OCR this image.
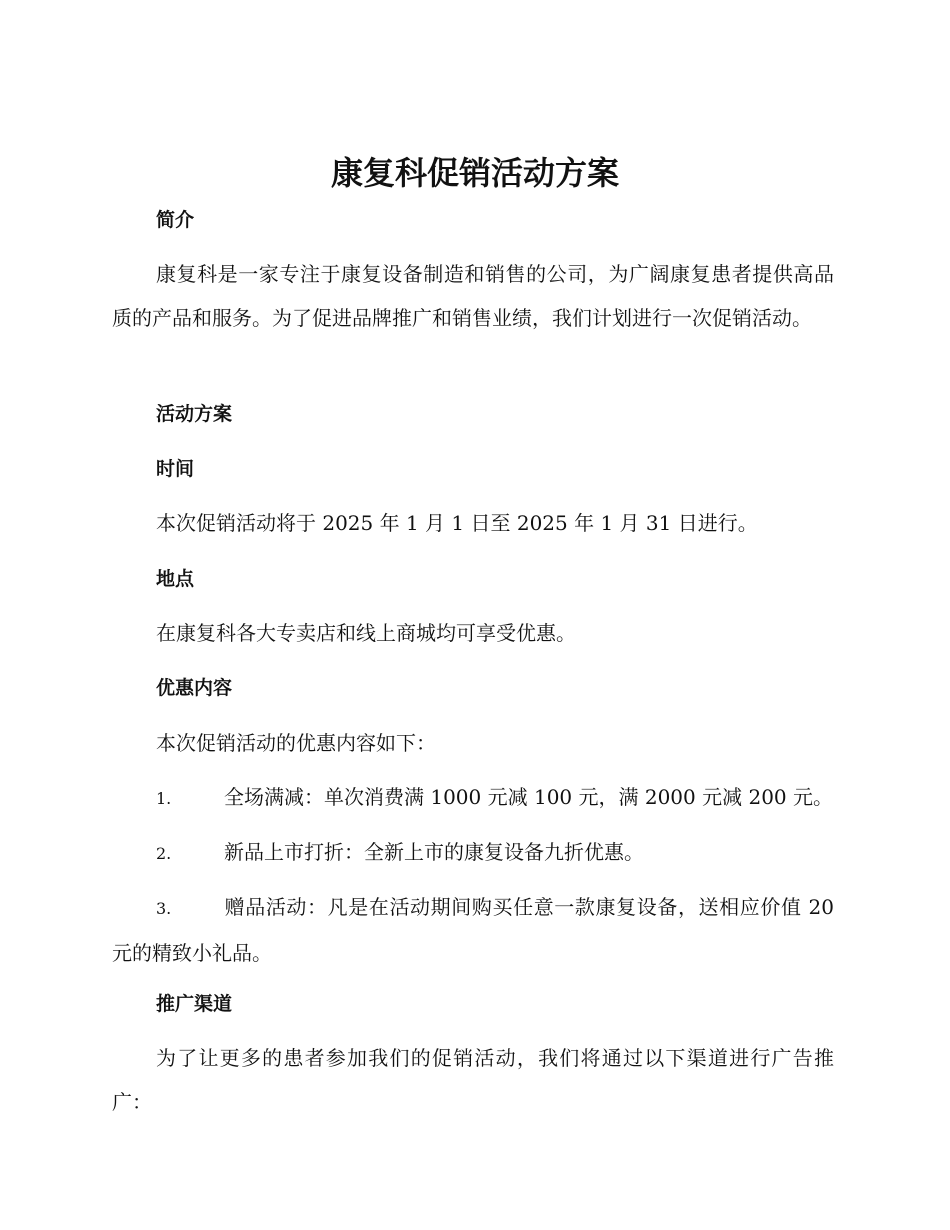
康复科促销活动方案
简介

康复科是一家专注于康复设备制造和销售的公司，为广阔康复患者提供高品质的产品和服务。为了促进品牌推广和销售业绩，我们计划进行一次促销活动。

活动方案
时间

本次促销活动将于 2025 年 1 月 1 日至 2025 年 1 月 31 日进行。

地点

在康复科各大专卖店和线上商城均可享受优惠。

优惠内容

本次促销活动的优惠内容如下：

1.	全场满减：单次消费满 1000 元减 100 元，满 2000 元减 200 元。

2.	新品上市打折：全新上市的康复设备九折优惠。

3.	赠品活动：凡是在活动期间购买任意一款康复设备，送相应价值 20 元的精致小礼品。

推广渠道

为了让更多的患者参加我们的促销活动，我们将通过以下渠道进行广告推广：
